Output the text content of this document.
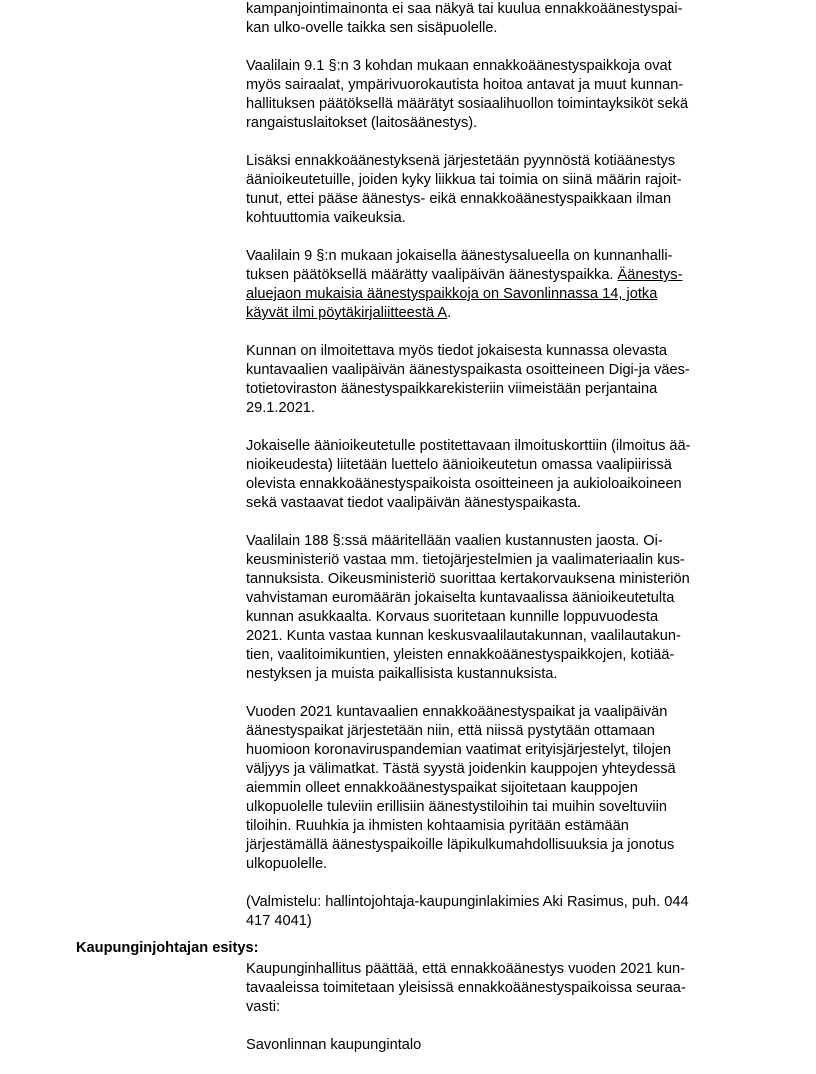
kampanjointimainonta ei saa näkyä tai kuulua ennakkoäänestyspai-
kan ulko-ovelle taikka sen sisäpuolelle.

Vaalilain 9.1 §:n 3 kohdan mukaan ennakkoäänestyspaikkoja ovat
myös sairaalat, ympärivuorokautista hoitoa antavat ja muut kunnan-
hallituksen päätöksellä määrätyt sosiaalihuollon toimintayksiköt sekä
rangaistuslaitokset (laitosäänestys).

Lisäksi ennakkoäänestyksenä järjestetään pyynnöstä kotiäänestys
äänioikeutetuille, joiden kyky liikkua tai toimia on siinä määrin rajoit-
tunut, ettei pääse äänestys- eikä ennakkoäänestyspaikkaan ilman
kohtuuttomia vaikeuksia.

Vaalilain 9 §:n mukaan jokaisella äänestysalueella on kunnanhalli-
tuksen päätöksellä määrätty vaalipäivän äänestyspaikka. Äänestys-
aluejaon mukaisia äänestyspaikkoja on Savonlinnassa 14, jotka
käyvät ilmi pöytäkirjaliitteestä A.

Kunnan on ilmoitettava myös tiedot jokaisesta kunnassa olevasta
kuntavaalien vaalipäivän äänestyspaikasta osoitteineen Digi-ja väes-
totietoviraston äänestyspaikkarekisteriin viimeistään perjantaina
29.1.2021.

Jokaiselle äänioikeutetulle postitettavaan ilmoituskorttiin (ilmoitus ää-
nioikeudesta) liitetään luettelo äänioikeutetun omassa vaalipiirissä
olevista ennakkoäänestyspaikoista osoitteineen ja aukioloaikoineen
sekä vastaavat tiedot vaalipäivän äänestyspaikasta.

Vaalilain 188 §:ssä määritellään vaalien kustannusten jaosta. Oi-
keusministeriö vastaa mm. tietojärjestelmien ja vaalimateriaalin kus-
tannuksista. Oikeusministeriö suorittaa kertakorvauksena ministeriön
vahvistaman euromäärän jokaiselta kuntavaalissa äänioikeutetulta
kunnan asukkaalta. Korvaus suoritetaan kunnille loppuvuodesta
2021. Kunta vastaa kunnan keskusvaalilautakunnan, vaalilautakun-
tien, vaalitoimikuntien, yleisten ennakkoäänestyspaikkojen, kotiää-
nestyksen ja muista paikallisista kustannuksista.

Vuoden 2021 kuntavaalien ennakkoäänestyspaikat ja vaalipäivän
äänestyspaikat järjestetään niin, että niissä pystytään ottamaan
huomioon koronaviruspandemian vaatimat erityisjärjestelyt, tilojen
väljyys ja välimatkat. Tästä syystä joidenkin kauppojen yhteydessä
aiemmin olleet ennakkoäänestyspaikat sijoitetaan kauppojen
ulkopuolelle tuleviin erillisiin äänestystiloihin tai muihin soveltuviin
tiloihin. Ruuhkia ja ihmisten kohtaamisia pyritään estämään
järjestämällä äänestyspaikoille läpikulkumahdollisuuksia ja jonotus
ulkopuolelle.

(Valmistelu: hallintojohtaja-kaupunginlakimies Aki Rasimus, puh. 044
417 4041)

Kaupunginjohtajan esitys:

Kaupunginhallitus päättää, että ennakkoäänestys vuoden 2021 kun-
tavaaleissa toimitetaan yleisissä ennakkoäänestyspaikoissa seuraa-
vasti:

Savonlinnan kaupungintalo
